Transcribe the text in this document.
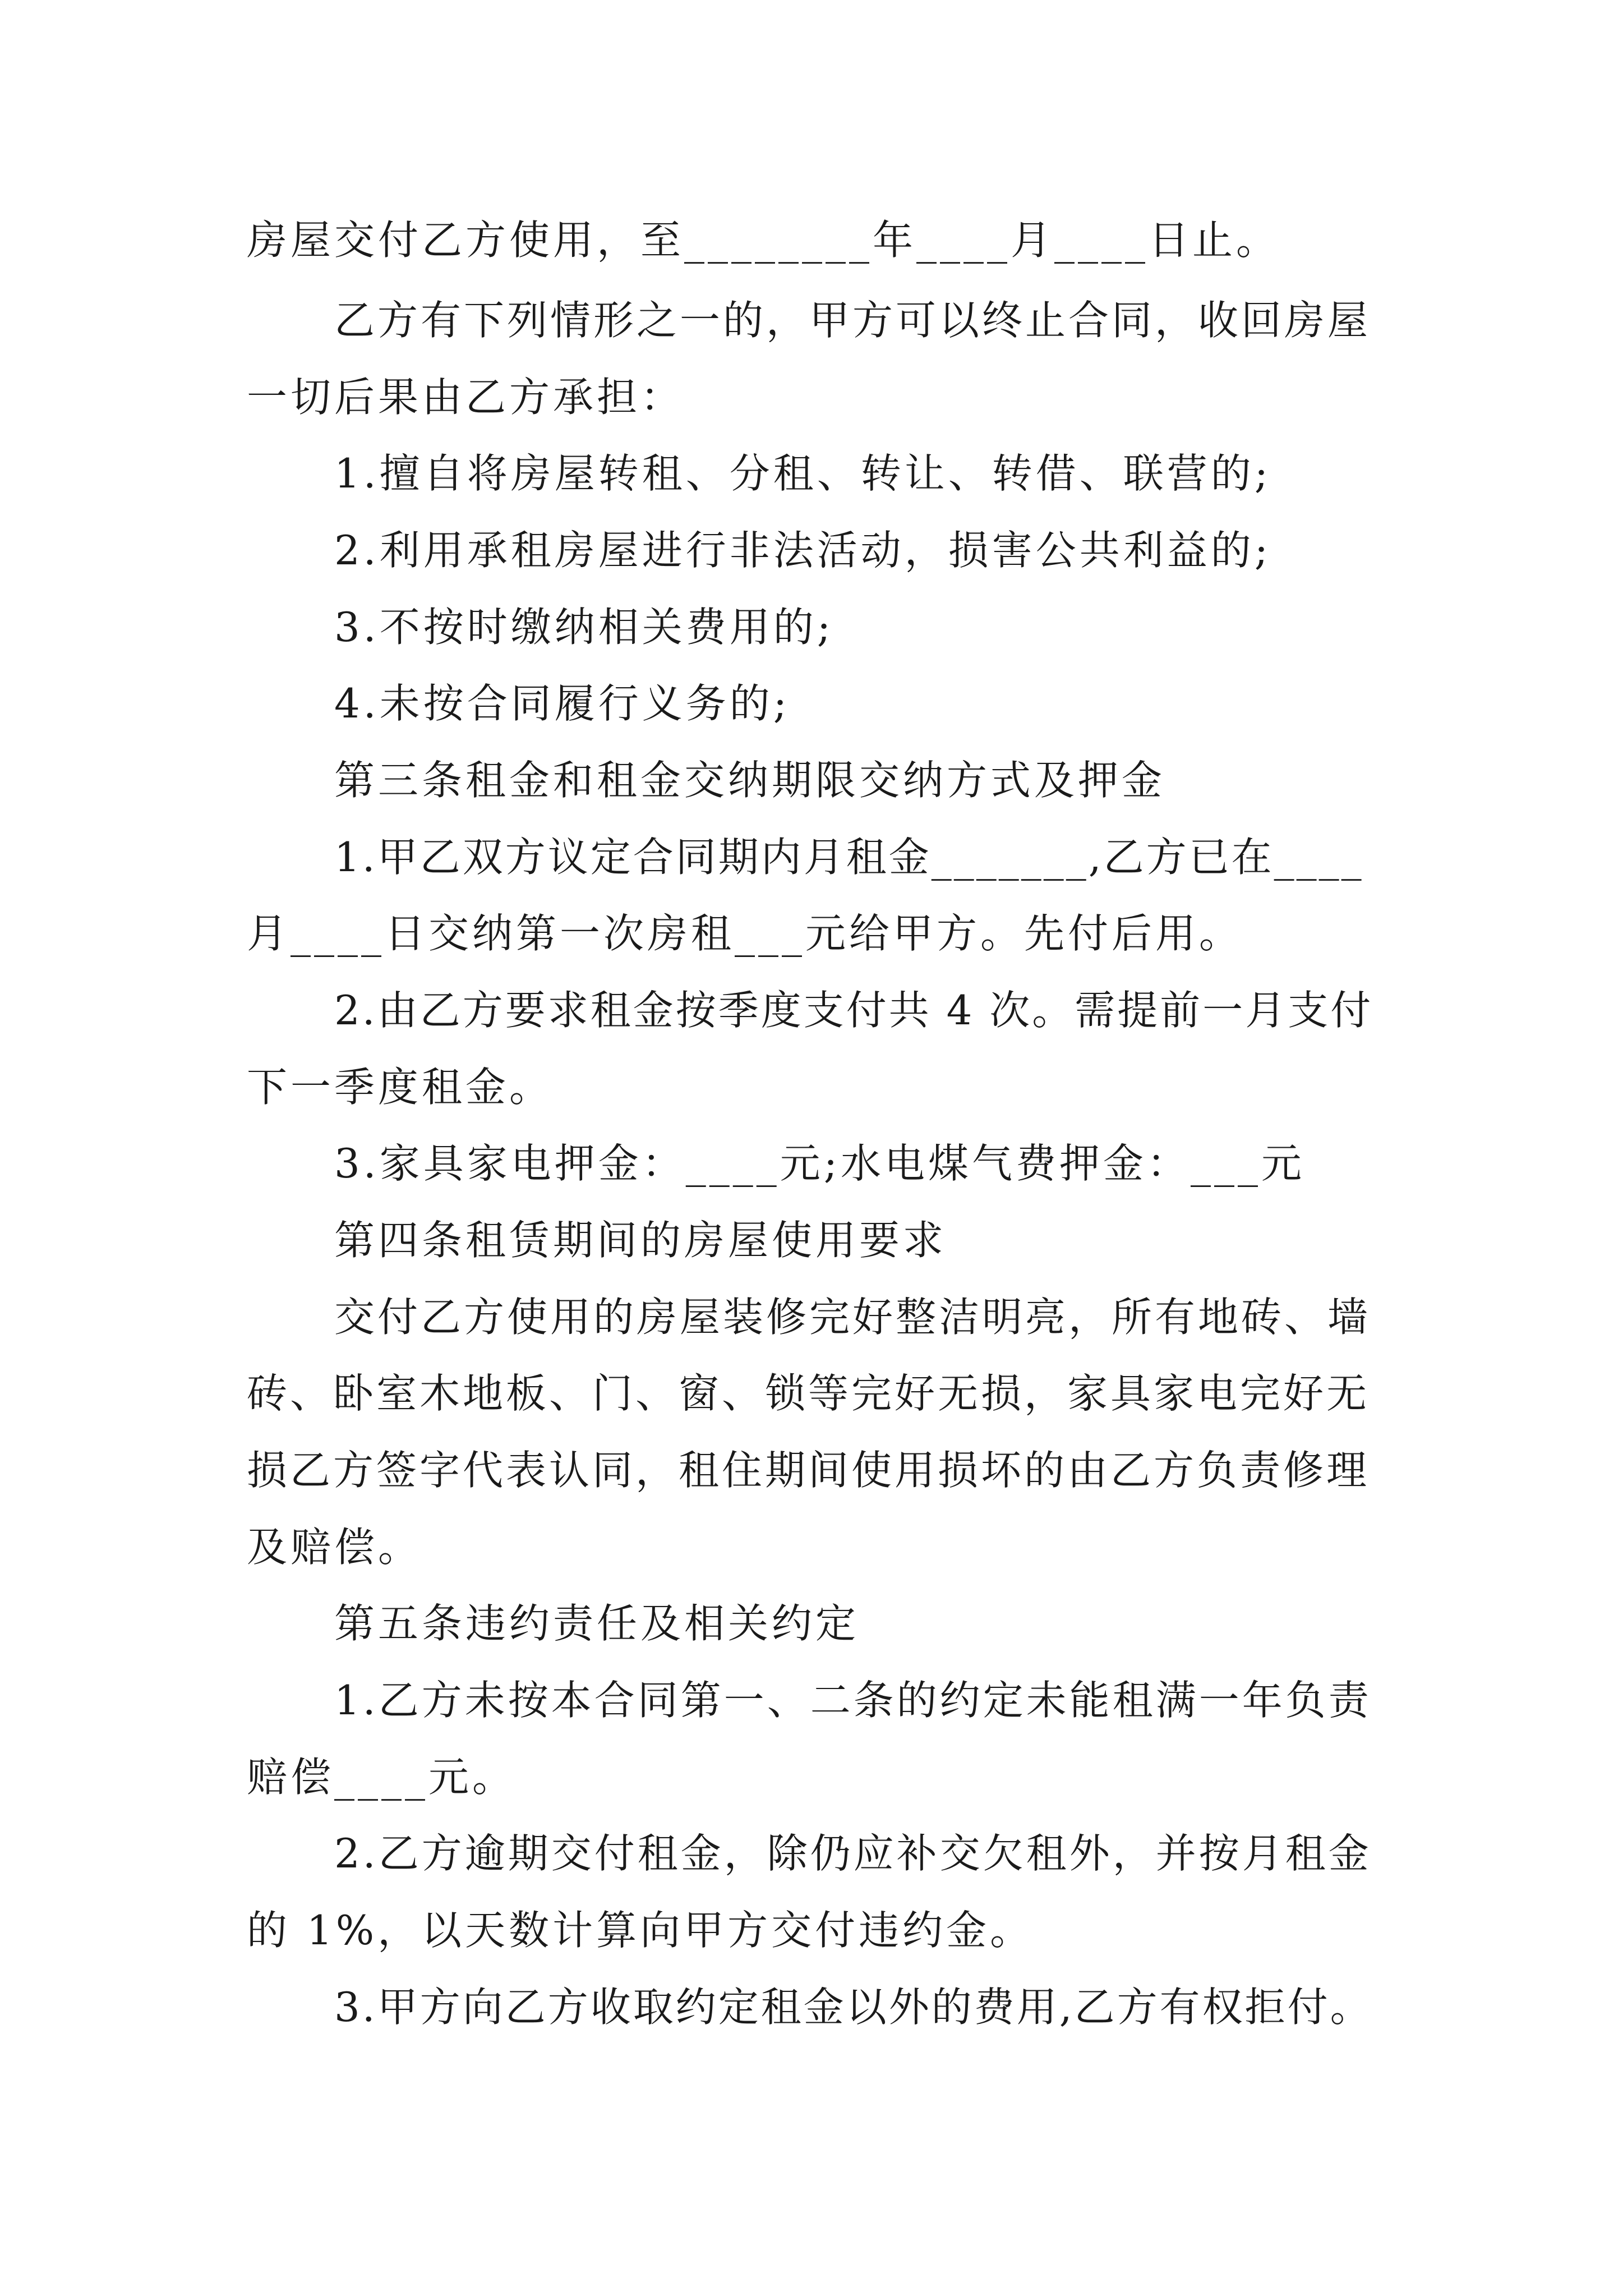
房屋交付乙方使用，至________年____月____日止。
乙方有下列情形之一的，甲方可以终止合同，收回房屋
一切后果由乙方承担：
1.擅自将房屋转租、分租、转让、转借、联营的;
2.利用承租房屋进行非法活动，损害公共利益的;
3.不按时缴纳相关费用的;
4.未按合同履行义务的;
第三条租金和租金交纳期限交纳方式及押金
1.甲乙双方议定合同期内月租金_______,乙方已在____
月____日交纳第一次房租___元给甲方。先付后用。
2.由乙方要求租金按季度支付共 4 次。需提前一月支付
下一季度租金。
3.家具家电押金：____元;水电煤气费押金：___元
第四条租赁期间的房屋使用要求
交付乙方使用的房屋装修完好整洁明亮，所有地砖、墙
砖、卧室木地板、门、窗、锁等完好无损，家具家电完好无
损乙方签字代表认同，租住期间使用损坏的由乙方负责修理
及赔偿。
第五条违约责任及相关约定
1.乙方未按本合同第一、二条的约定未能租满一年负责
赔偿____元。
2.乙方逾期交付租金，除仍应补交欠租外，并按月租金
的 1%，以天数计算向甲方交付违约金。
3.甲方向乙方收取约定租金以外的费用,乙方有权拒付。
